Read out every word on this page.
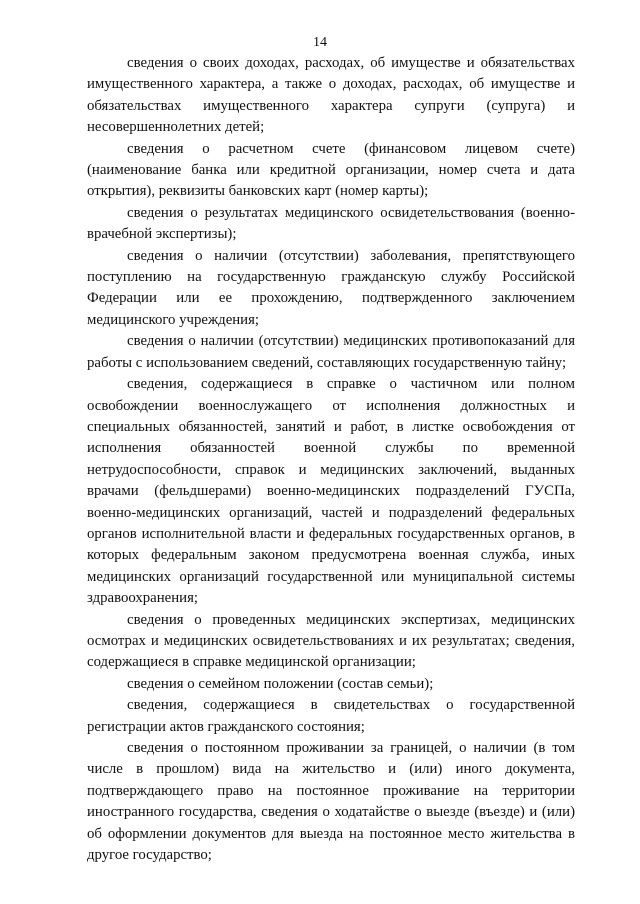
14

сведения о своих доходах, расходах, об имуществе и обязательствах имущественного характера, а также о доходах, расходах, об имуществе и обязательствах имущественного характера супруги (супруга) и несовершеннолетних детей;

сведения о расчетном счете (финансовом лицевом счете) (наименование банка или кредитной организации, номер счета и дата открытия), реквизиты банковских карт (номер карты);

сведения о результатах медицинского освидетельствования (военно-врачебной экспертизы);

сведения о наличии (отсутствии) заболевания, препятствующего поступлению на государственную гражданскую службу Российской Федерации или ее прохождению, подтвержденного заключением медицинского учреждения;

сведения о наличии (отсутствии) медицинских противопоказаний для работы с использованием сведений, составляющих государственную тайну;

сведения, содержащиеся в справке о частичном или полном освобождении военнослужащего от исполнения должностных и специальных обязанностей, занятий и работ, в листке освобождения от исполнения обязанностей военной службы по временной нетрудоспособности, справок и медицинских заключений, выданных врачами (фельдшерами) военно-медицинских подразделений ГУСПа, военно-медицинских организаций, частей и подразделений федеральных органов исполнительной власти и федеральных государственных органов, в которых федеральным законом предусмотрена военная служба, иных медицинских организаций государственной или муниципальной системы здравоохранения;

сведения о проведенных медицинских экспертизах, медицинских осмотрах и медицинских освидетельствованиях и их результатах; сведения, содержащиеся в справке медицинской организации;

сведения о семейном положении (состав семьи);

сведения, содержащиеся в свидетельствах о государственной регистрации актов гражданского состояния;

сведения о постоянном проживании за границей, о наличии (в том числе в прошлом) вида на жительство и (или) иного документа, подтверждающего право на постоянное проживание на территории иностранного государства, сведения о ходатайстве о выезде (въезде) и (или) об оформлении документов для выезда на постоянное место жительства в другое государство;
